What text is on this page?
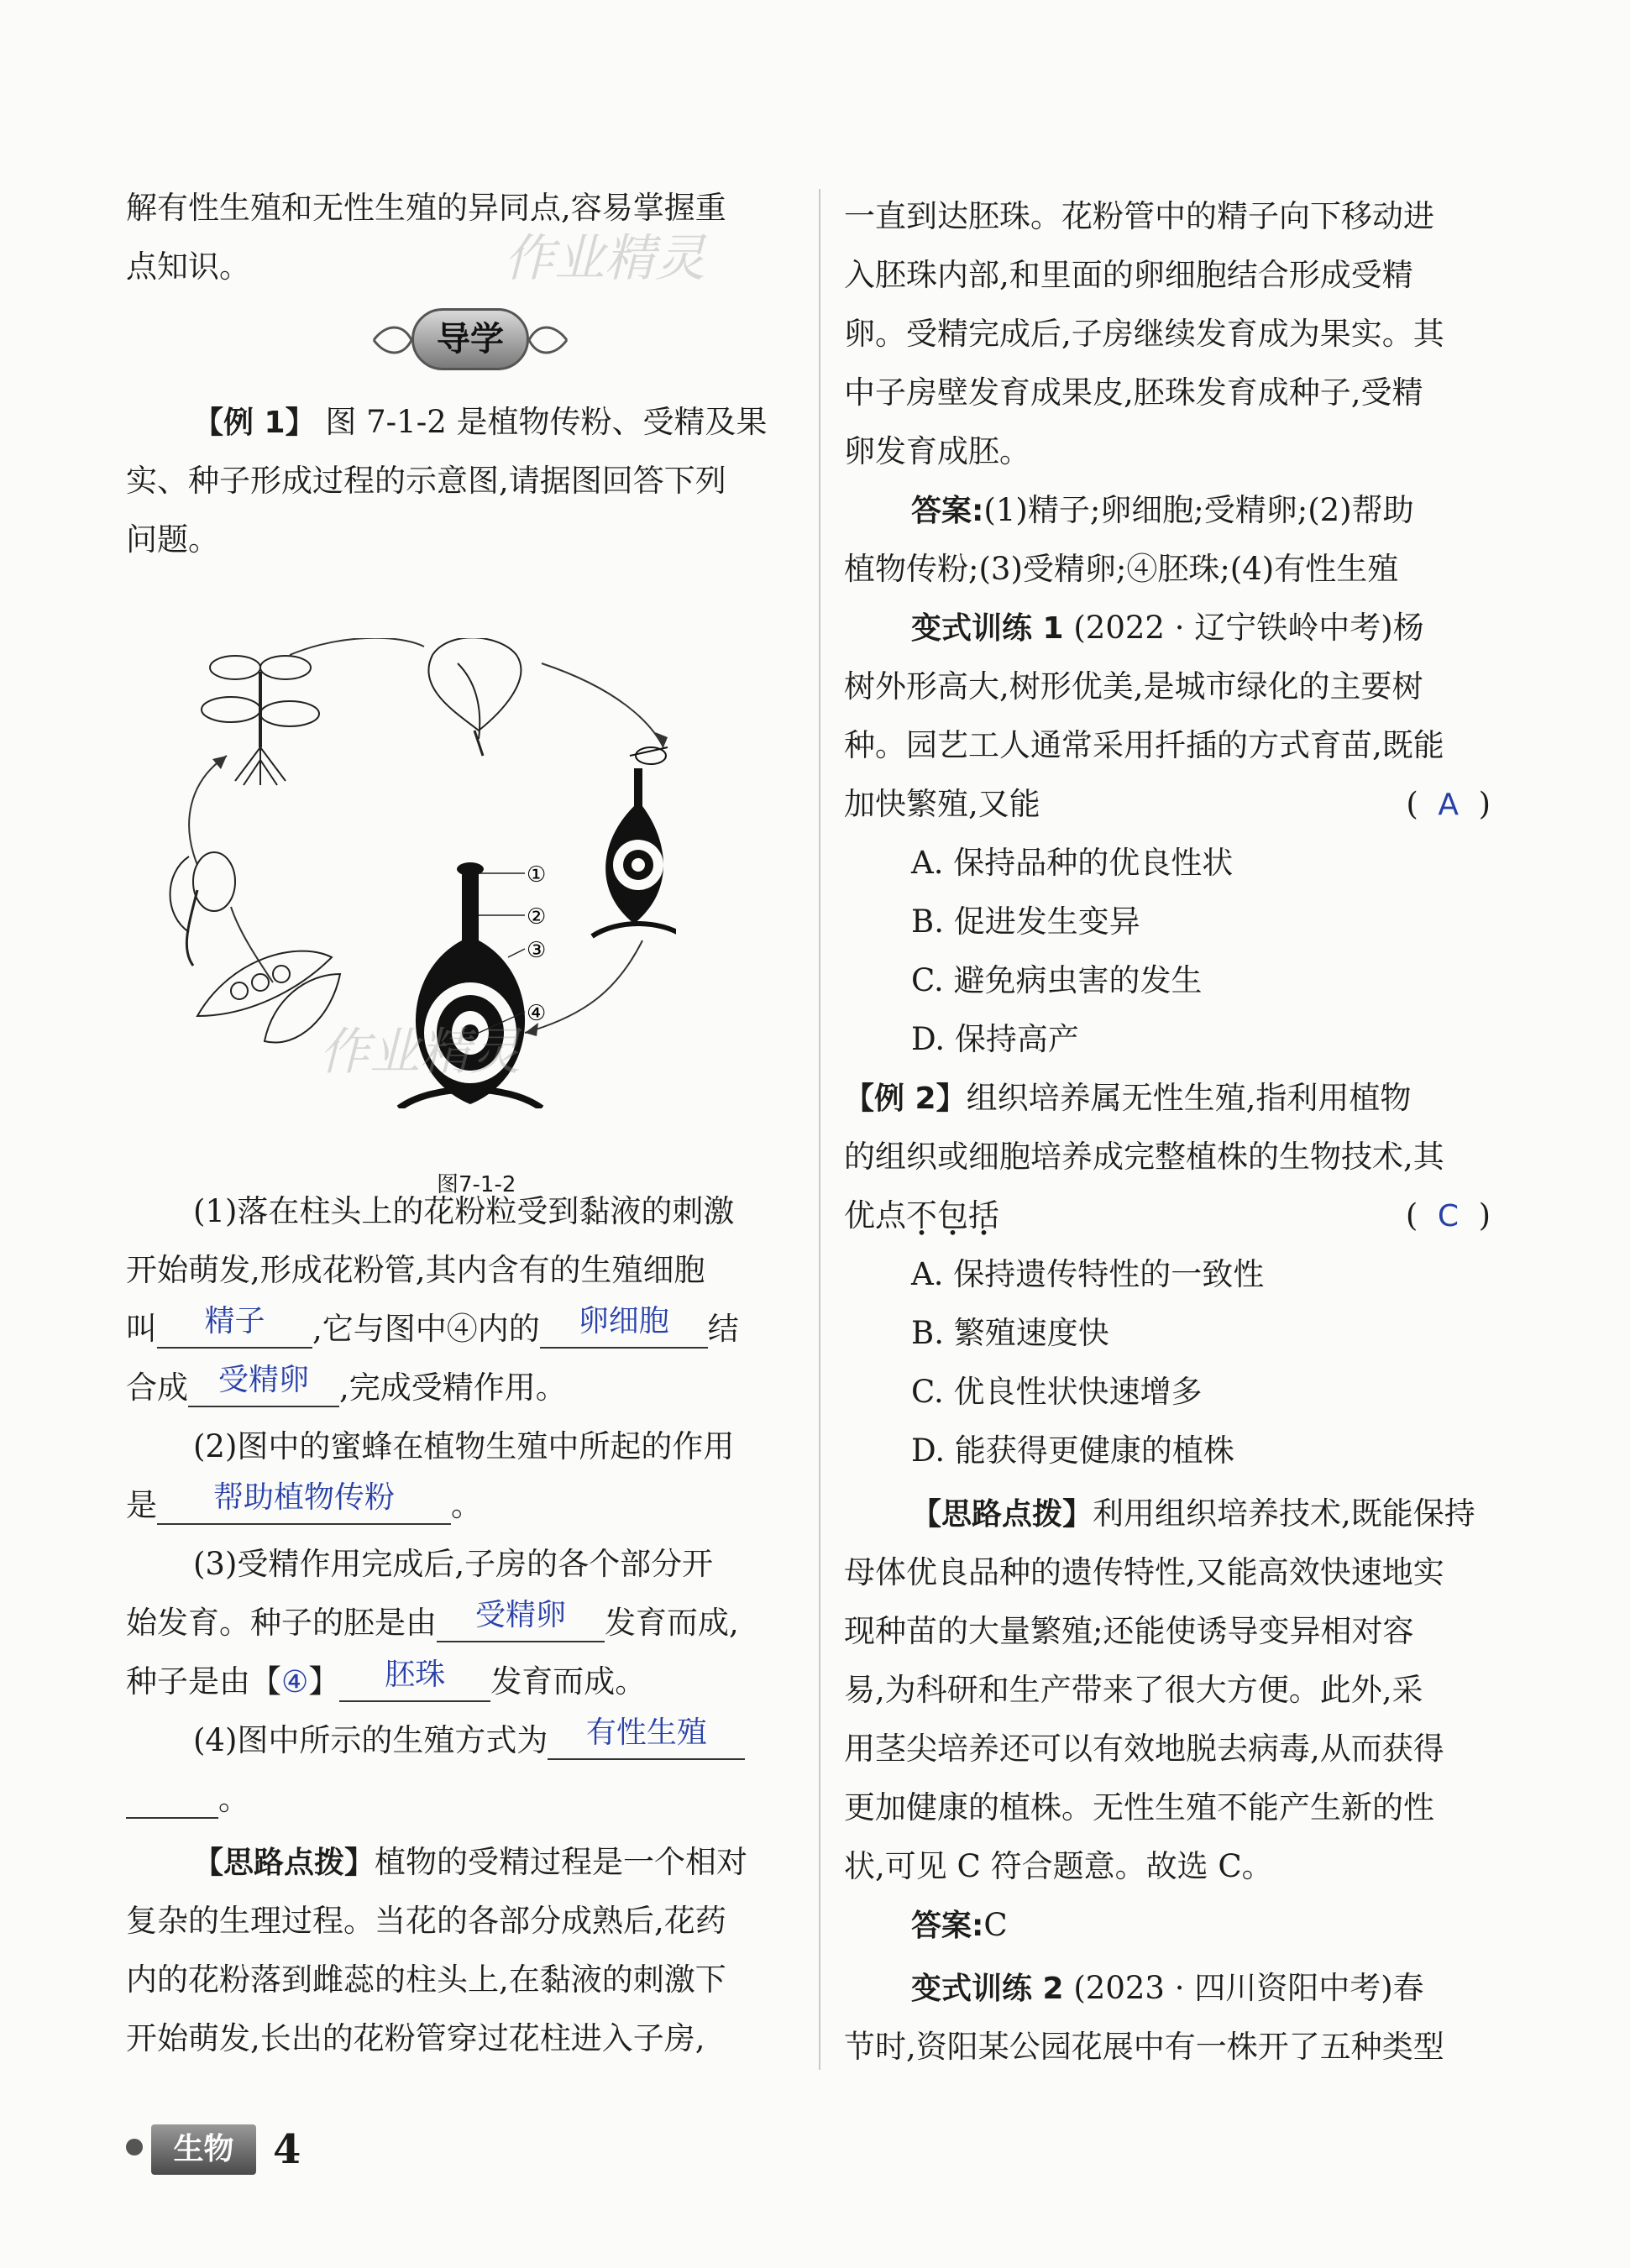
解有性生殖和无性生殖的异同点,容易掌握重
点知识。
导学
【例 1】 图 7-1-2 是植物传粉、受精及果
实、种子形成过程的示意图,请据图回答下列
问题。
①
②
③
④
图7-1-2
(1)落在柱头上的花粉粒受到黏液的刺激
开始萌发,形成花粉管,其内含有的生殖细胞
叫 精子 ,它与图中④内的 卵细胞 结
合成 受精卵 ,完成受精作用。
(2)图中的蜜蜂在植物生殖中所起的作用
是 帮助植物传粉 。
(3)受精作用完成后,子房的各个部分开
始发育。种子的胚是由 受精卵 发育而成,
种子是由【④】 胚珠 发育而成。
(4)图中所示的生殖方式为 有性生殖
。
【思路点拨】植物的受精过程是一个相对
复杂的生理过程。当花的各部分成熟后,花药
内的花粉落到雌蕊的柱头上,在黏液的刺激下
开始萌发,长出的花粉管穿过花柱进入子房,
一直到达胚珠。花粉管中的精子向下移动进
入胚珠内部,和里面的卵细胞结合形成受精
卵。受精完成后,子房继续发育成为果实。其
中子房壁发育成果皮,胚珠发育成种子,受精
卵发育成胚。
答案:(1)精子;卵细胞;受精卵;(2)帮助
植物传粉;(3)受精卵;④胚珠;(4)有性生殖
变式训练 1 (2022 · 辽宁铁岭中考)杨
树外形高大,树形优美,是城市绿化的主要树
种。园艺工人通常采用扦插的方式育苗,既能
加快繁殖,又能	( A )
A. 保持品种的优良性状
B. 促进发生变异
C. 避免病虫害的发生
D. 保持高产
【例 2】组织培养属无性生殖,指利用植物
的组织或细胞培养成完整植株的生物技术,其
优点不包括	( C )
A. 保持遗传特性的一致性
B. 繁殖速度快
C. 优良性状快速增多
D. 能获得更健康的植株
【思路点拨】利用组织培养技术,既能保持
母体优良品种的遗传特性,又能高效快速地实
现种苗的大量繁殖;还能使诱导变异相对容
易,为科研和生产带来了很大方便。此外,采
用茎尖培养还可以有效地脱去病毒,从而获得
更加健康的植株。无性生殖不能产生新的性
状,可见 C 符合题意。故选 C。
答案:C
变式训练 2 (2023 · 四川资阳中考)春
节时,资阳某公园花展中有一株开了五种类型
作业精灵
作业精灵
生物 4
